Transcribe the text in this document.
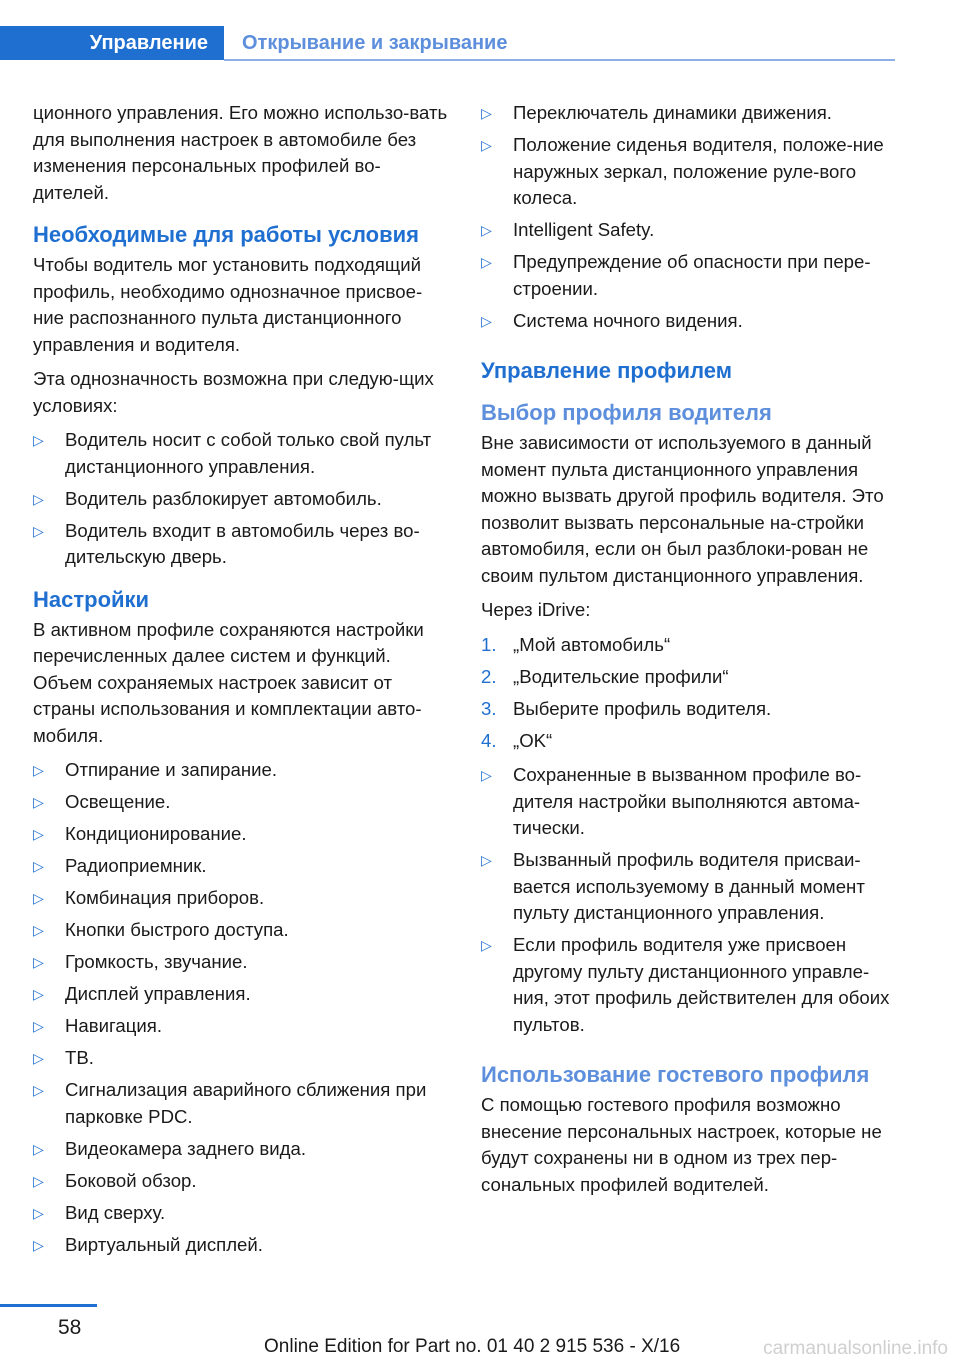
Управление	Открывание и закрывание

ционного управления. Его можно использо-вать для выполнения настроек в автомобиле без изменения персональных профилей во-дителей.

Необходимые для работы условия

Чтобы водитель мог установить подходящий профиль, необходимо однозначное присвое-ние распознанного пульта дистанционного управления и водителя.

Эта однозначность возможна при следую-щих условиях:

▷ Водитель носит с собой только свой пульт дистанционного управления.
▷ Водитель разблокирует автомобиль.
▷ Водитель входит в автомобиль через во-дительскую дверь.
Настройки

В активном профиле сохраняются настройки перечисленных далее систем и функций. Объем сохраняемых настроек зависит от страны использования и комплектации авто-мобиля.

▷ Отпирание и запирание.
▷ Освещение.
▷ Кондиционирование.
▷ Радиоприемник.
▷ Комбинация приборов.
▷ Кнопки быстрого доступа.
▷ Громкость, звучание.
▷ Дисплей управления.
▷ Навигация.
▷ ТВ.
▷ Сигнализация аварийного сближения при парковке PDC.
▷ Видеокамера заднего вида.
▷ Боковой обзор.
▷ Вид сверху.
▷ Виртуальный дисплей.
▷ Переключатель динамики движения.
▷ Положение сиденья водителя, положе-ние наружных зеркал, положение руле-вого колеса.
▷ Intelligent Safety.
▷ Предупреждение об опасности при пере-строении.
▷ Система ночного видения.
Управление профилем
Выбор профиля водителя

Вне зависимости от используемого в данный момент пульта дистанционного управления можно вызвать другой профиль водителя. Это позволит вызвать персональные на-стройки автомобиля, если он был разблоки-рован не своим пультом дистанционного управления.

Через iDrive:

1. „Мой автомобиль“
2. „Водительские профили“
3. Выберите профиль водителя.
4. „OK“
▷ Сохраненные в вызванном профиле во-дителя настройки выполняются автома-тически.
▷ Вызванный профиль водителя присваи-вается используемому в данный момент пульту дистанционного управления.
▷ Если профиль водителя уже присвоен другому пульту дистанционного управле-ния, этот профиль действителен для обоих пультов.
Использование гостевого профиля

С помощью гостевого профиля возможно внесение персональных настроек, которые не будут сохранены ни в одном из трех пер-сональных профилей водителей.

58
Online Edition for Part no. 01 40 2 915 536 - X/16	carmanualsonline.info
